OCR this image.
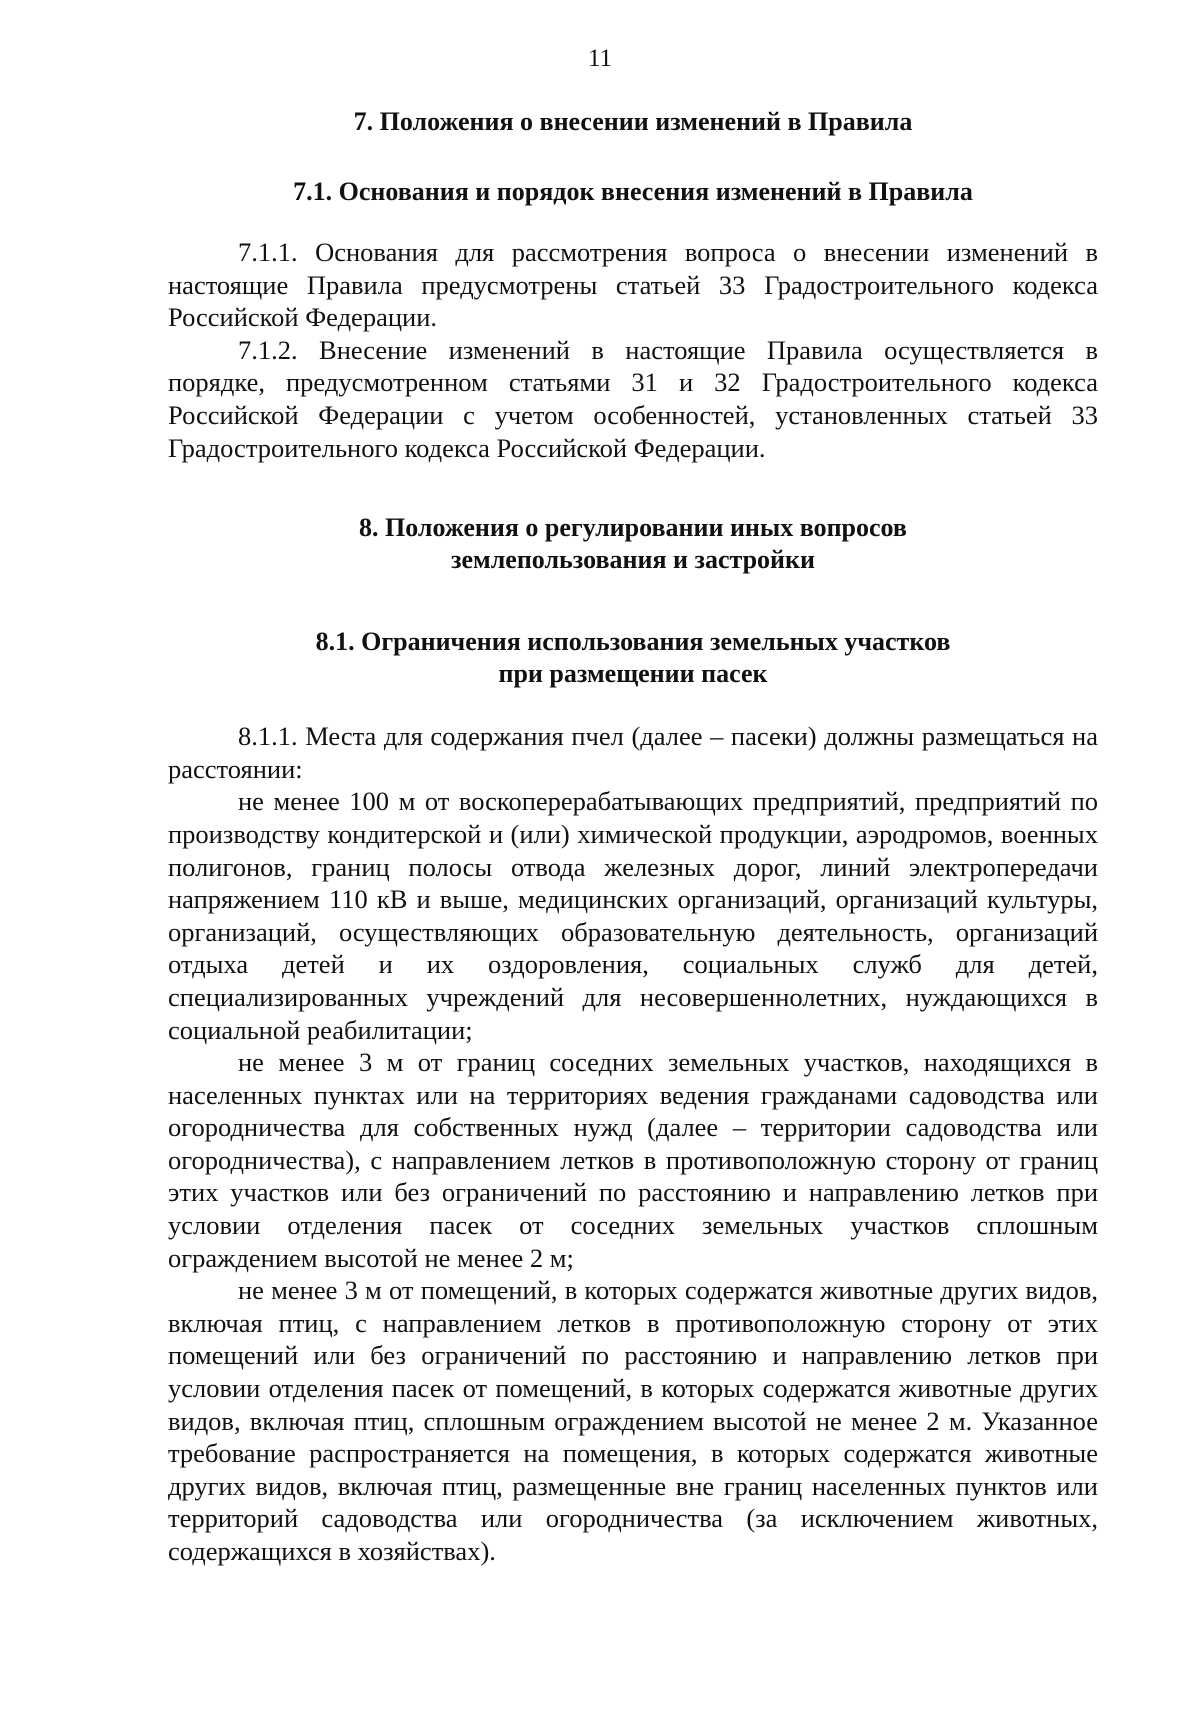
11
7. Положения о внесении изменений в Правила
7.1. Основания и порядок внесения изменений в Правила

7.1.1. Основания для рассмотрения вопроса о внесении изменений в настоящие Правила предусмотрены статьей 33 Градостроительного кодекса Российской Федерации.

7.1.2. Внесение изменений в настоящие Правила осуществляется в порядке, предусмотренном статьями 31 и 32 Градостроительного кодекса Российской Федерации с учетом особенностей, установленных статьей 33 Градостроительного кодекса Российской Федерации.

8. Положения о регулировании иных вопросов
землепользования и застройки
8.1. Ограничения использования земельных участков
при размещении пасек

8.1.1. Места для содержания пчел (далее – пасеки) должны размещаться на расстоянии:

не менее 100 м от воскоперерабатывающих предприятий, предприятий по производству кондитерской и (или) химической продукции, аэродромов, военных полигонов, границ полосы отвода железных дорог, линий электропередачи напряжением 110 кВ и выше, медицинских организаций, организаций культуры, организаций, осуществляющих образовательную деятельность, организаций отдыха детей и их оздоровления, социальных служб для детей, специализированных учреждений для несовершеннолетних, нуждающихся в социальной реабилитации;

не менее 3 м от границ соседних земельных участков, находящихся в населенных пунктах или на территориях ведения гражданами садоводства или огородничества для собственных нужд (далее – территории садоводства или огородничества), с направлением летков в противоположную сторону от границ этих участков или без ограничений по расстоянию и направлению летков при условии отделения пасек от соседних земельных участков сплошным ограждением высотой не менее 2 м;

не менее 3 м от помещений, в которых содержатся животные других видов, включая птиц, с направлением летков в противоположную сторону от этих помещений или без ограничений по расстоянию и направлению летков при условии отделения пасек от помещений, в которых содержатся животные других видов, включая птиц, сплошным ограждением высотой не менее 2 м. Указанное требование распространяется на помещения, в которых содержатся животные других видов, включая птиц, размещенные вне границ населенных пунктов или территорий садоводства или огородничества (за исключением животных, содержащихся в хозяйствах).
